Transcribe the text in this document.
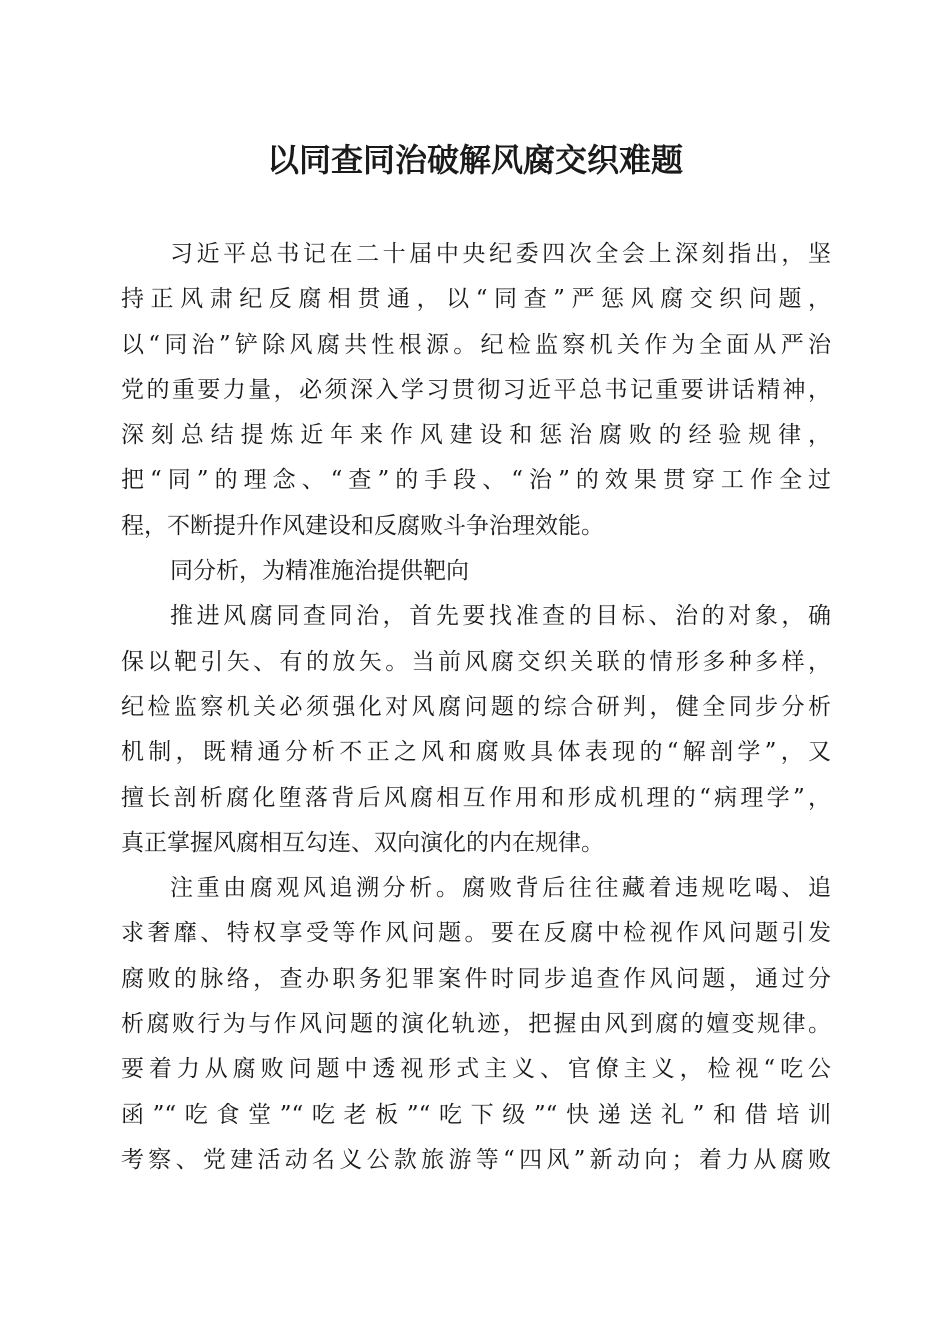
以同查同治破解风腐交织难题
习近平总书记在二十届中央纪委四次全会上深刻指出，坚
持正风肃纪反腐相贯通，以“同查”严惩风腐交织问题，
以“同治”铲除风腐共性根源。纪检监察机关作为全面从严治
党的重要力量，必须深入学习贯彻习近平总书记重要讲话精神，
深刻总结提炼近年来作风建设和惩治腐败的经验规律，
把“同”的理念、“查”的手段、“治”的效果贯穿工作全过
程，不断提升作风建设和反腐败斗争治理效能。
同分析，为精准施治提供靶向
推进风腐同查同治，首先要找准查的目标、治的对象，确
保以靶引矢、有的放矢。当前风腐交织关联的情形多种多样，
纪检监察机关必须强化对风腐问题的综合研判，健全同步分析
机制，既精通分析不正之风和腐败具体表现的“解剖学”，又
擅长剖析腐化堕落背后风腐相互作用和形成机理的“病理学”，
真正掌握风腐相互勾连、双向演化的内在规律。
注重由腐观风追溯分析。腐败背后往往藏着违规吃喝、追
求奢靡、特权享受等作风问题。要在反腐中检视作风问题引发
腐败的脉络，查办职务犯罪案件时同步追查作风问题，通过分
析腐败行为与作风问题的演化轨迹，把握由风到腐的嬗变规律。
要着力从腐败问题中透视形式主义、官僚主义，检视“吃公
函”“吃食堂”“吃老板”“吃下级”“快递送礼”和借培训
考察、党建活动名义公款旅游等“四风”新动向；着力从腐败
